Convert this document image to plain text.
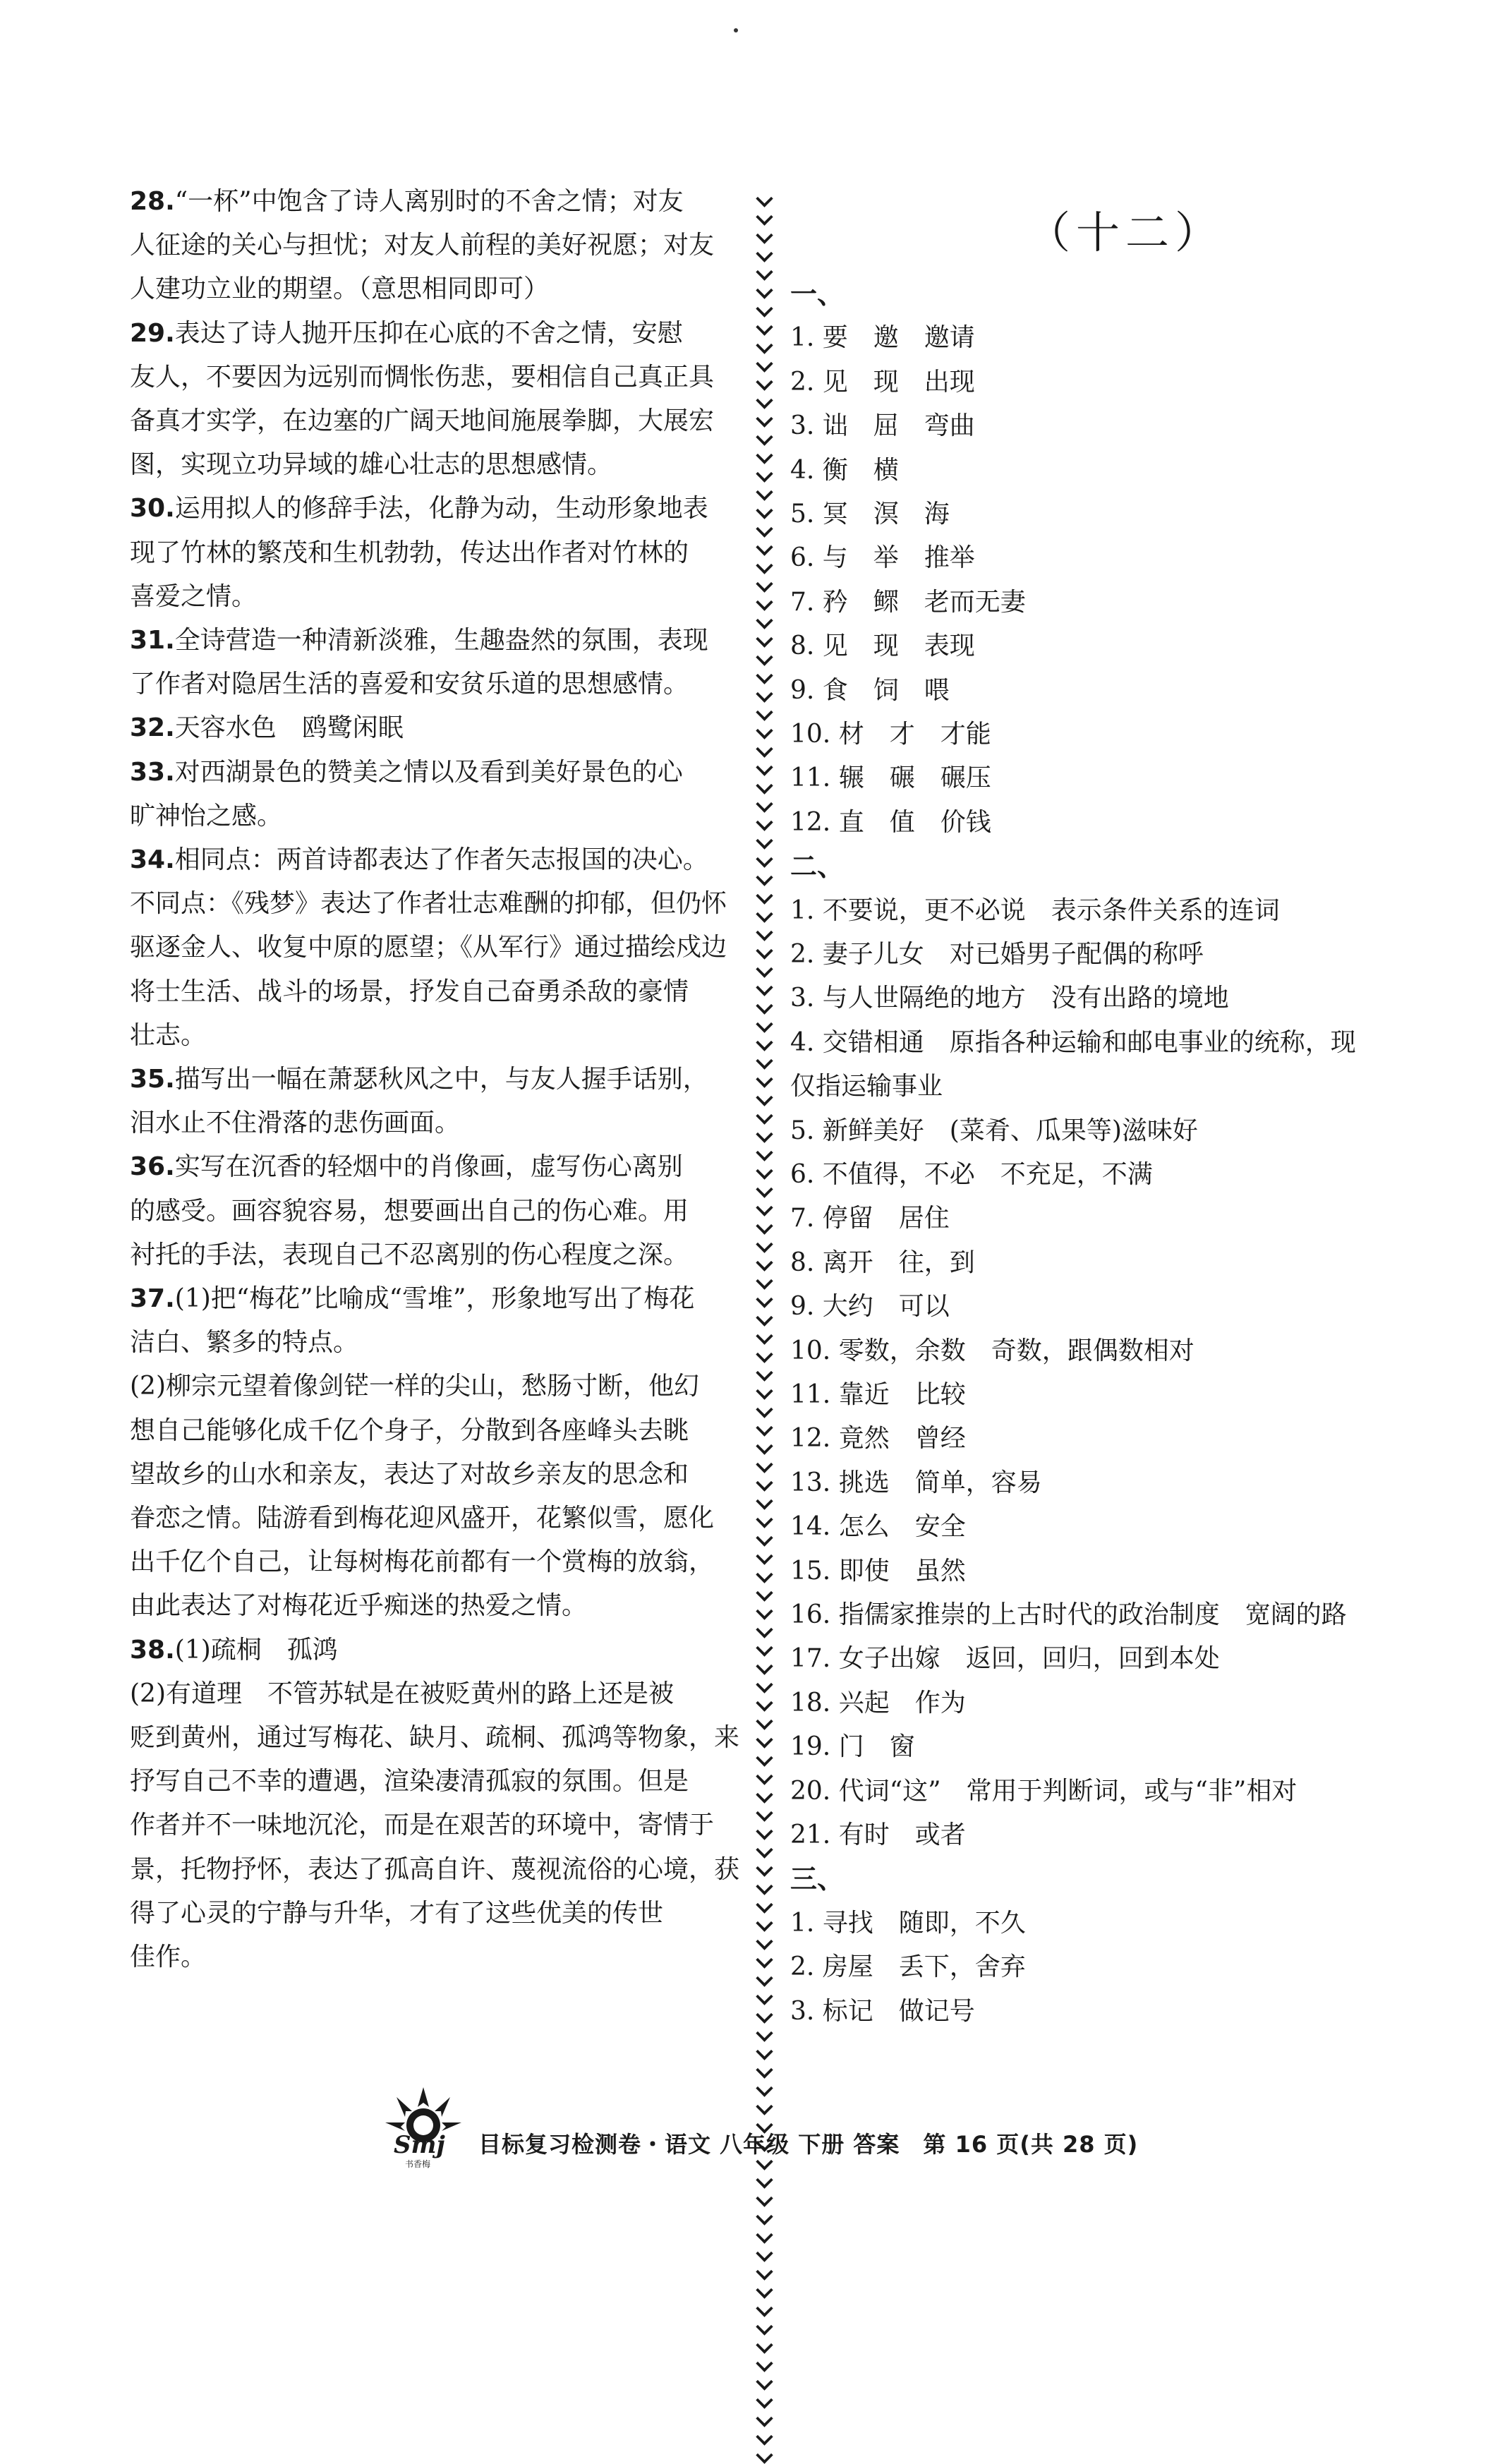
28.“一杯”中饱含了诗人离别时的不舍之情；对友
人征途的关心与担忧；对友人前程的美好祝愿；对友
人建功立业的期望。（意思相同即可）
29.表达了诗人抛开压抑在心底的不舍之情，安慰
友人，不要因为远别而惆怅伤悲，要相信自己真正具
备真才实学，在边塞的广阔天地间施展拳脚，大展宏
图，实现立功异域的雄心壮志的思想感情。
30.运用拟人的修辞手法，化静为动，生动形象地表
现了竹林的繁茂和生机勃勃，传达出作者对竹林的
喜爱之情。
31.全诗营造一种清新淡雅，生趣盎然的氛围，表现
了作者对隐居生活的喜爱和安贫乐道的思想感情。
32.天容水色　鸥鹭闲眠
33.对西湖景色的赞美之情以及看到美好景色的心
旷神怡之感。
34.相同点：两首诗都表达了作者矢志报国的决心。
不同点：《残梦》表达了作者壮志难酬的抑郁，但仍怀
驱逐金人、收复中原的愿望；《从军行》通过描绘戍边
将士生活、战斗的场景，抒发自己奋勇杀敌的豪情
壮志。
35.描写出一幅在萧瑟秋风之中，与友人握手话别，
泪水止不住滑落的悲伤画面。
36.实写在沉香的轻烟中的肖像画，虚写伤心离别
的感受。画容貌容易，想要画出自己的伤心难。用
衬托的手法，表现自己不忍离别的伤心程度之深。
37.(1)把“梅花”比喻成“雪堆”，形象地写出了梅花
洁白、繁多的特点。
(2)柳宗元望着像剑铓一样的尖山，愁肠寸断，他幻
想自己能够化成千亿个身子，分散到各座峰头去眺
望故乡的山水和亲友，表达了对故乡亲友的思念和
眷恋之情。陆游看到梅花迎风盛开，花繁似雪，愿化
出千亿个自己，让每树梅花前都有一个赏梅的放翁，
由此表达了对梅花近乎痴迷的热爱之情。
38.(1)疏桐　孤鸿
(2)有道理　不管苏轼是在被贬黄州的路上还是被
贬到黄州，通过写梅花、缺月、疏桐、孤鸿等物象，来
抒写自己不幸的遭遇，渲染凄清孤寂的氛围。但是
作者并不一味地沉沦，而是在艰苦的环境中，寄情于
景，托物抒怀，表达了孤高自许、蔑视流俗的心境，获
得了心灵的宁静与升华，才有了这些优美的传世
佳作。
（十二）
一、
1. 要　邀　邀请
2. 见　现　出现
3. 诎　屈　弯曲
4. 衡　横
5. 冥　溟　海
6. 与　举　推举
7. 矜　鳏　老而无妻
8. 见　现　表现
9. 食　饲　喂
10. 材　才　才能
11. 辗　碾　碾压
12. 直　值　价钱
二、
1. 不要说，更不必说　表示条件关系的连词
2. 妻子儿女　对已婚男子配偶的称呼
3. 与人世隔绝的地方　没有出路的境地
4. 交错相通　原指各种运输和邮电事业的统称，现
仅指运输事业
5. 新鲜美好　(菜肴、瓜果等)滋味好
6. 不值得，不必　不充足，不满
7. 停留　居住
8. 离开　往，到
9. 大约　可以
10. 零数，余数　奇数，跟偶数相对
11. 靠近　比较
12. 竟然　曾经
13. 挑选　简单，容易
14. 怎么　安全
15. 即使　虽然
16. 指儒家推崇的上古时代的政治制度　宽阔的路
17. 女子出嫁　返回，回归，回到本处
18. 兴起　作为
19. 门　窗
20. 代词“这”　常用于判断词，或与“非”相对
21. 有时　或者
三、
1. 寻找　随即，不久
2. 房屋　丢下，舍弃
3. 标记　做记号
Smj
书香梅
目标复习检测卷・语文 八年级 下册 答案　第 16 页(共 28 页)
